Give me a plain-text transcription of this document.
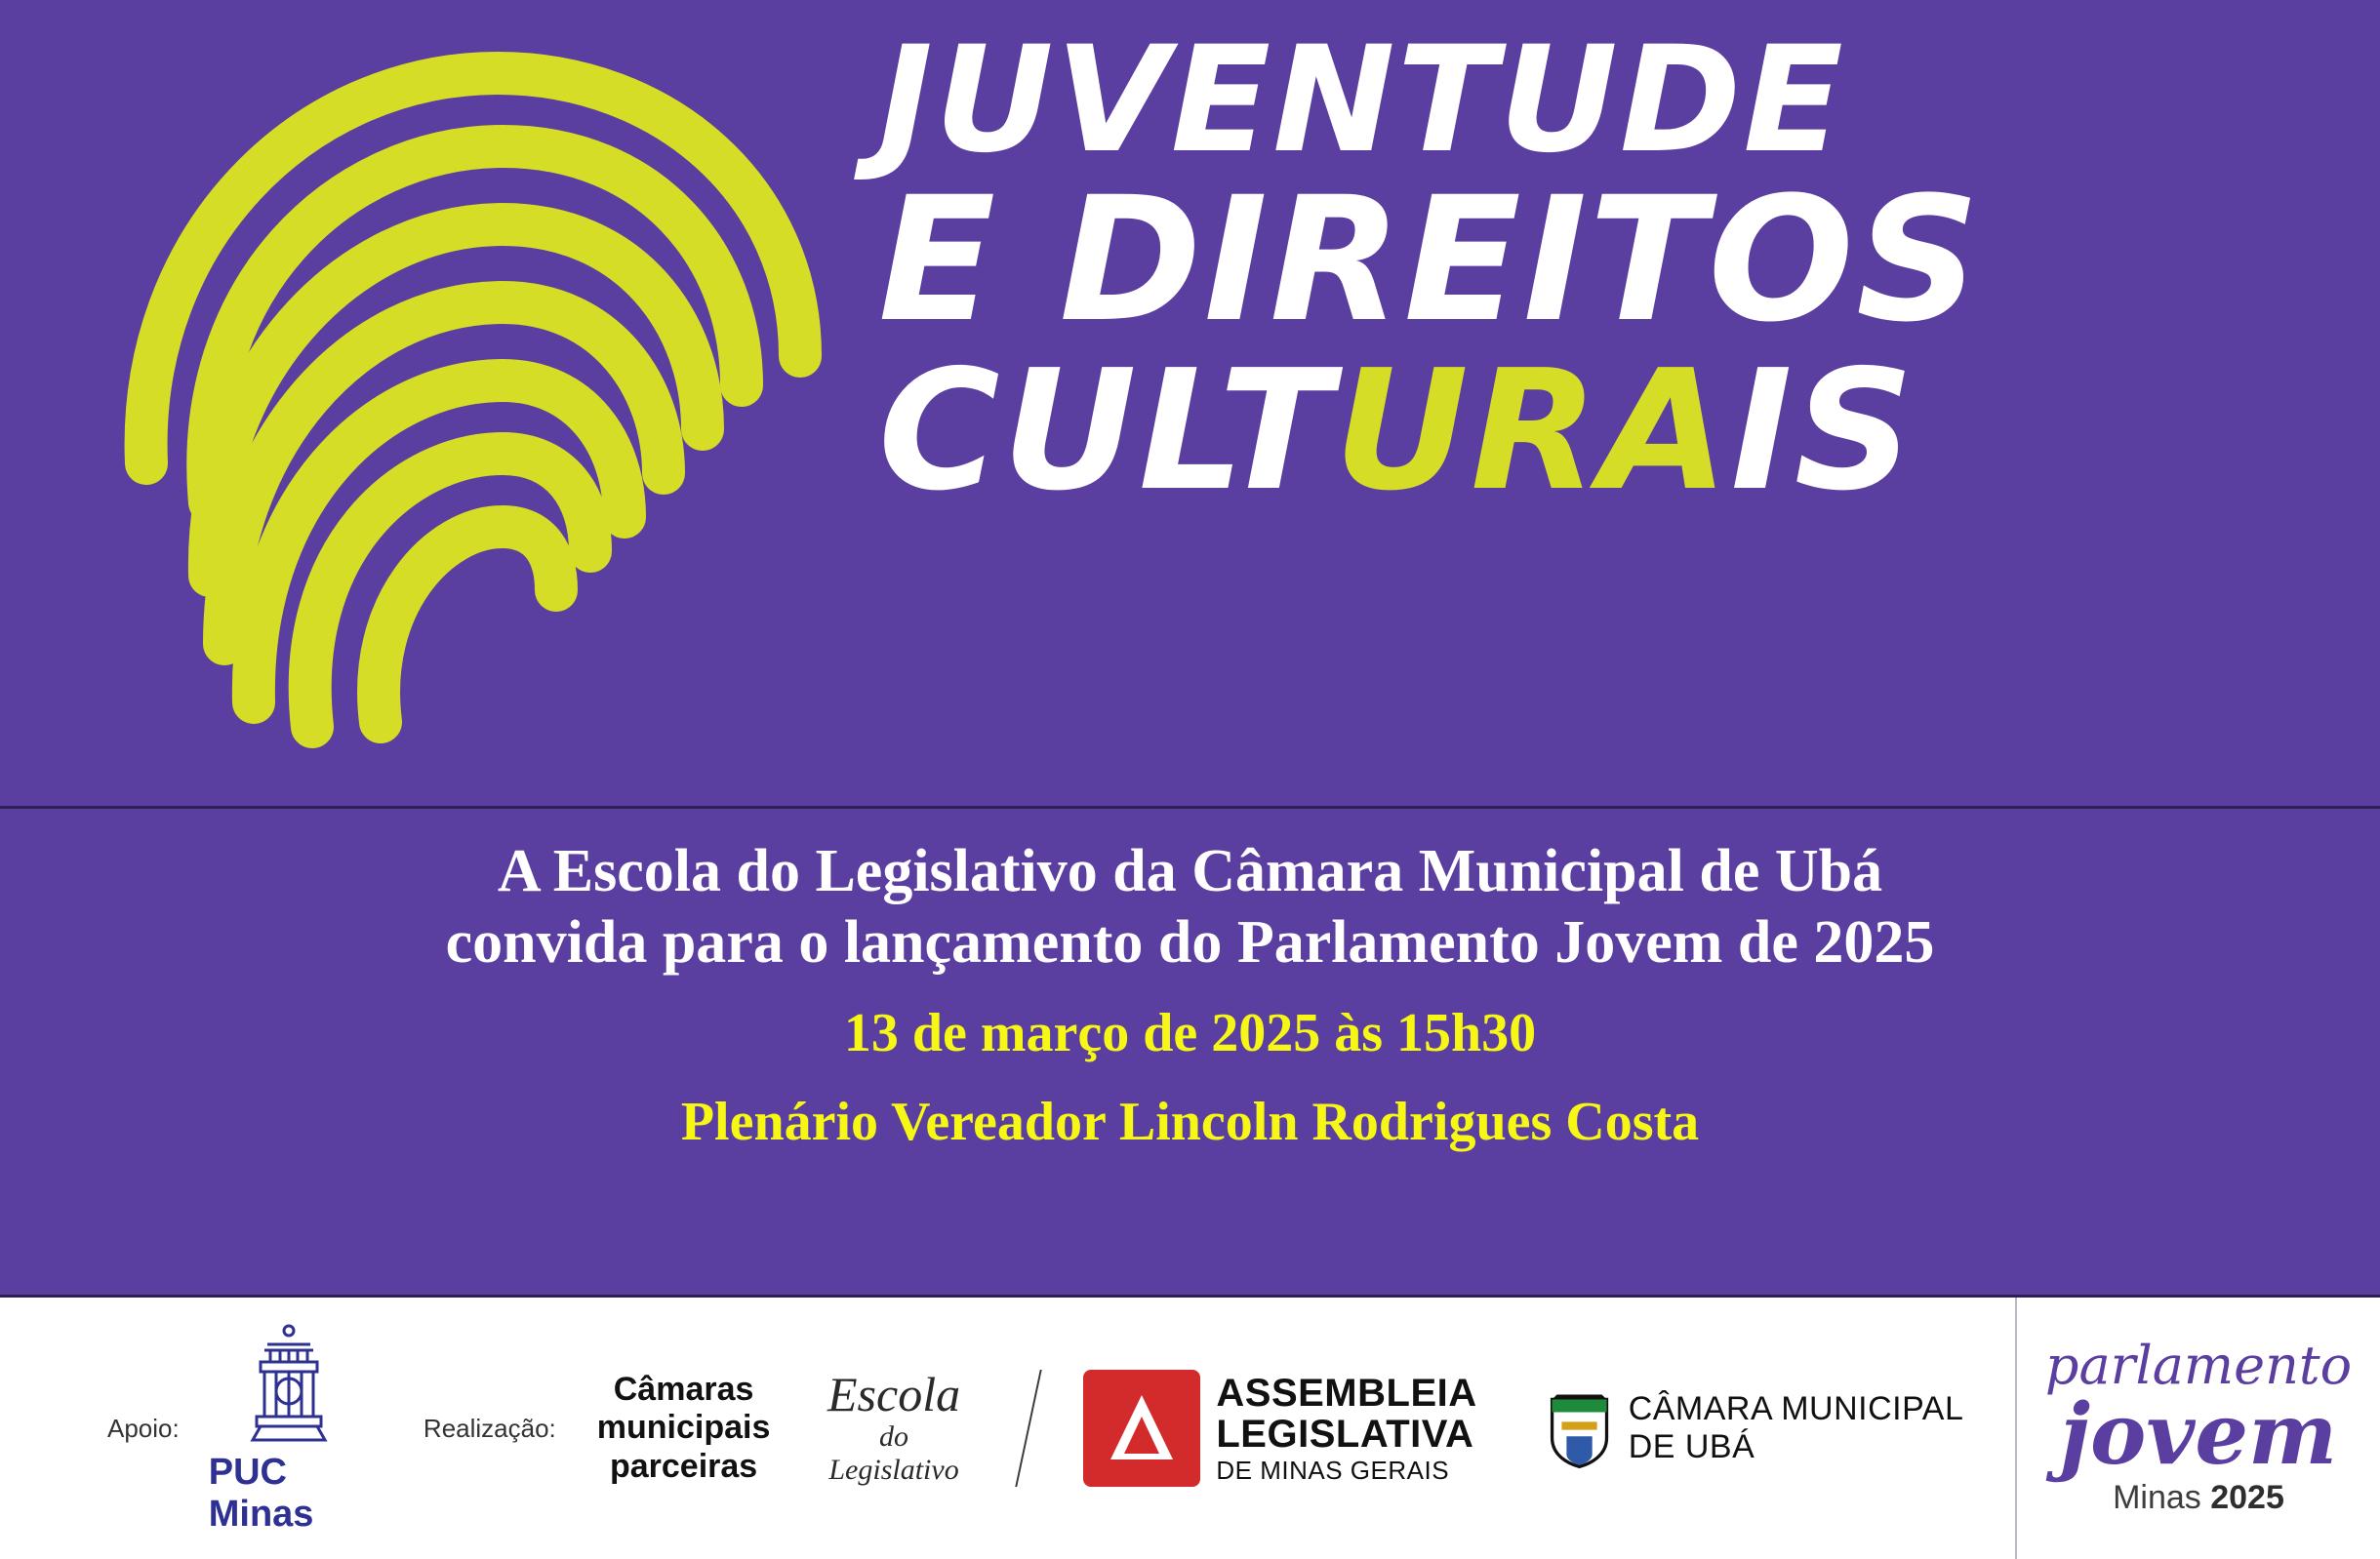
JUVENTUDE
E DIREITOS
CULTURAIS
A Escola do Legislativo da Câmara Municipal de Ubá
convida para o lançamento do Parlamento Jovem de 2025
13 de março de 2025 às 15h30
Plenário Vereador Lincoln Rodrigues Costa
Apoio:
PUC Minas
Realização:
Câmaras
municipais
parceiras
Escola
do Legislativo
ASSEMBLEIA
LEGISLATIVA
DE MINAS GERAIS
CÂMARA MUNICIPAL DE UBÁ
parlamento
jovem
Minas 2025
